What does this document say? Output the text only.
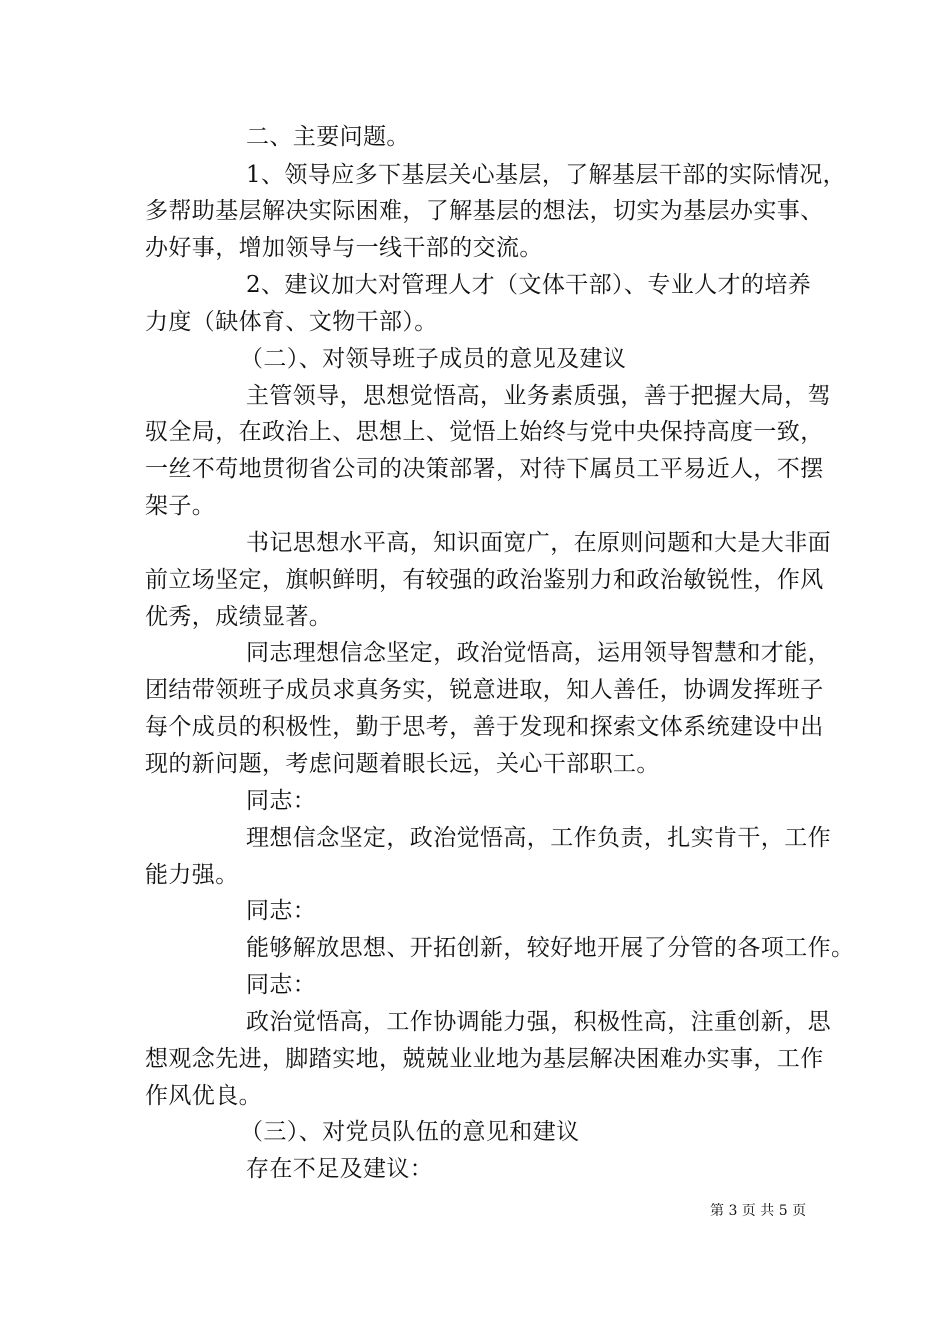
二、主要问题。
1、领导应多下基层关心基层，了解基层干部的实际情况，
多帮助基层解决实际困难，了解基层的想法，切实为基层办实事、
办好事，增加领导与一线干部的交流。
2、建议加大对管理人才（文体干部）、专业人才的培养
力度（缺体育、文物干部）。
（二）、对领导班子成员的意见及建议
主管领导，思想觉悟高，业务素质强，善于把握大局，驾
驭全局，在政治上、思想上、觉悟上始终与党中央保持高度一致，
一丝不苟地贯彻省公司的决策部署，对待下属员工平易近人，不摆
架子。
书记思想水平高，知识面宽广，在原则问题和大是大非面
前立场坚定，旗帜鲜明，有较强的政治鉴别力和政治敏锐性，作风
优秀，成绩显著。
同志理想信念坚定，政治觉悟高，运用领导智慧和才能，
团结带领班子成员求真务实，锐意进取，知人善任，协调发挥班子
每个成员的积极性，勤于思考，善于发现和探索文体系统建设中出
现的新问题，考虑问题着眼长远，关心干部职工。
同志：
理想信念坚定，政治觉悟高，工作负责，扎实肯干，工作
能力强。
同志：
能够解放思想、开拓创新，较好地开展了分管的各项工作。
同志：
政治觉悟高，工作协调能力强，积极性高，注重创新，思
想观念先进，脚踏实地，兢兢业业地为基层解决困难办实事，工作
作风优良。
（三）、对党员队伍的意见和建议
存在不足及建议：
第 3 页 共 5 页
